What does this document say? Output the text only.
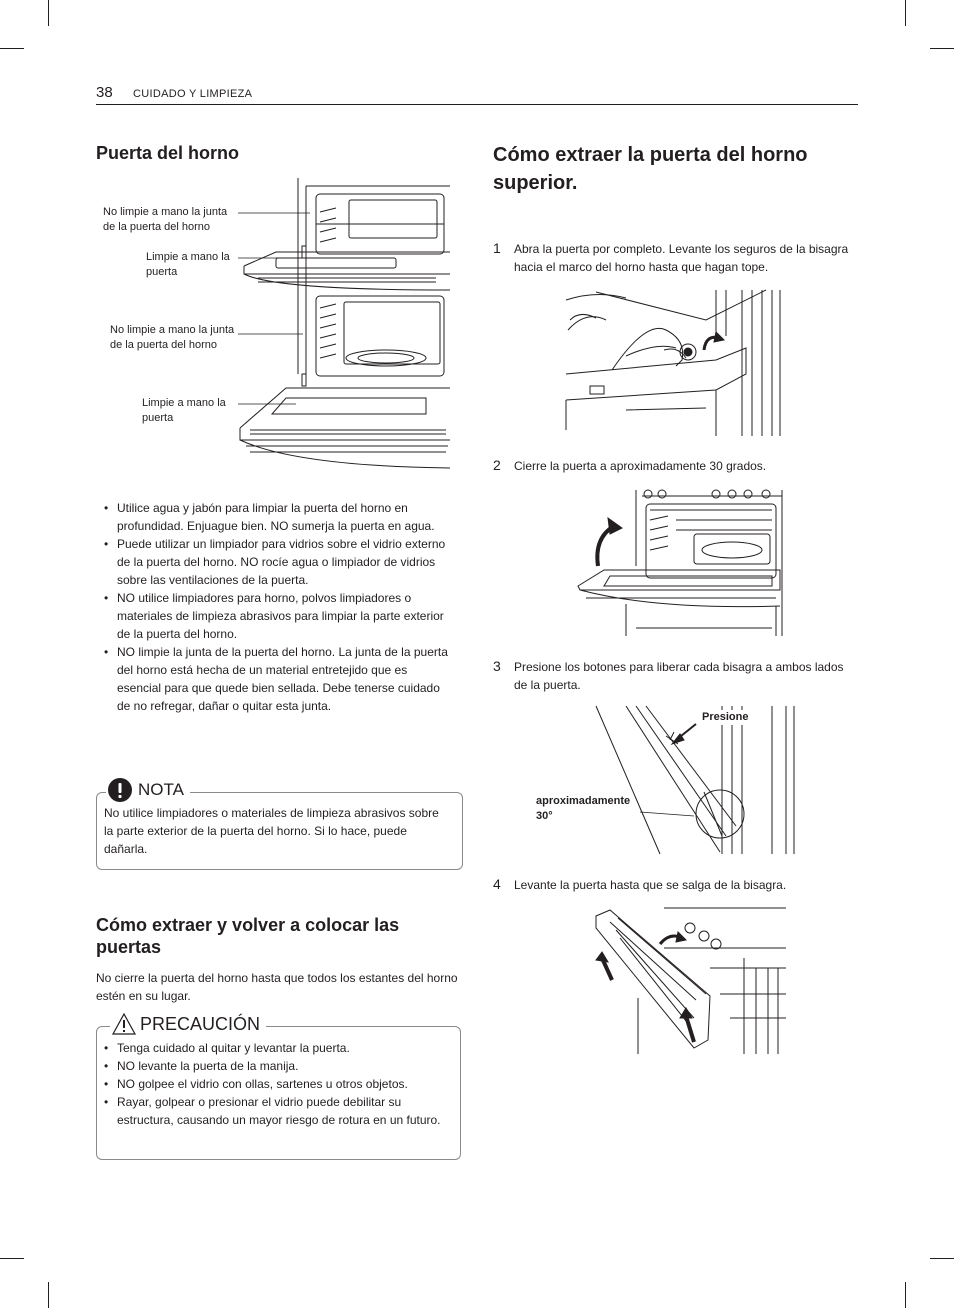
38 CUIDADO Y LIMPIEZA
Puerta del horno
No limpie a mano la junta de la puerta del horno
Limpie a mano la puerta
No limpie a mano la junta de la puerta del horno
Limpie a mano la puerta
• Utilice agua y jabón para limpiar la puerta del horno en profundidad. Enjuague bien. NO sumerja la puerta en agua.
• Puede utilizar un limpiador para vidrios sobre el vidrio externo de la puerta del horno. NO rocíe agua o limpiador de vidrios sobre las ventilaciones de la puerta.
• NO utilice limpiadores para horno, polvos limpiadores o materiales de limpieza abrasivos para limpiar la parte exterior de la puerta del horno.
• NO limpie la junta de la puerta del horno. La junta de la puerta del horno está hecha de un material entretejido que es esencial para que quede bien sellada. Debe tenerse cuidado de no refregar, dañar o quitar esta junta.
NOTA
No utilice limpiadores o materiales de limpieza abrasivos sobre la parte exterior de la puerta del horno. Si lo hace, puede dañarla.
Cómo extraer y volver a colocar las puertas
No cierre la puerta del horno hasta que todos los estantes del horno estén en su lugar.
PRECAUCIÓN
• Tenga cuidado al quitar y levantar la puerta.
• NO levante la puerta de la manija.
• NO golpee el vidrio con ollas, sartenes u otros objetos.
• Rayar, golpear o presionar el vidrio puede debilitar su estructura, causando un mayor riesgo de rotura en un futuro.
Cómo extraer la puerta del horno superior.
1 Abra la puerta por completo. Levante los seguros de la bisagra hacia el marco del horno hasta que hagan tope.
2 Cierre la puerta a aproximadamente 30 grados.
3 Presione los botones para liberar cada bisagra a ambos lados de la puerta.
Presione
aproximadamente 30°
4 Levante la puerta hasta que se salga de la bisagra.
